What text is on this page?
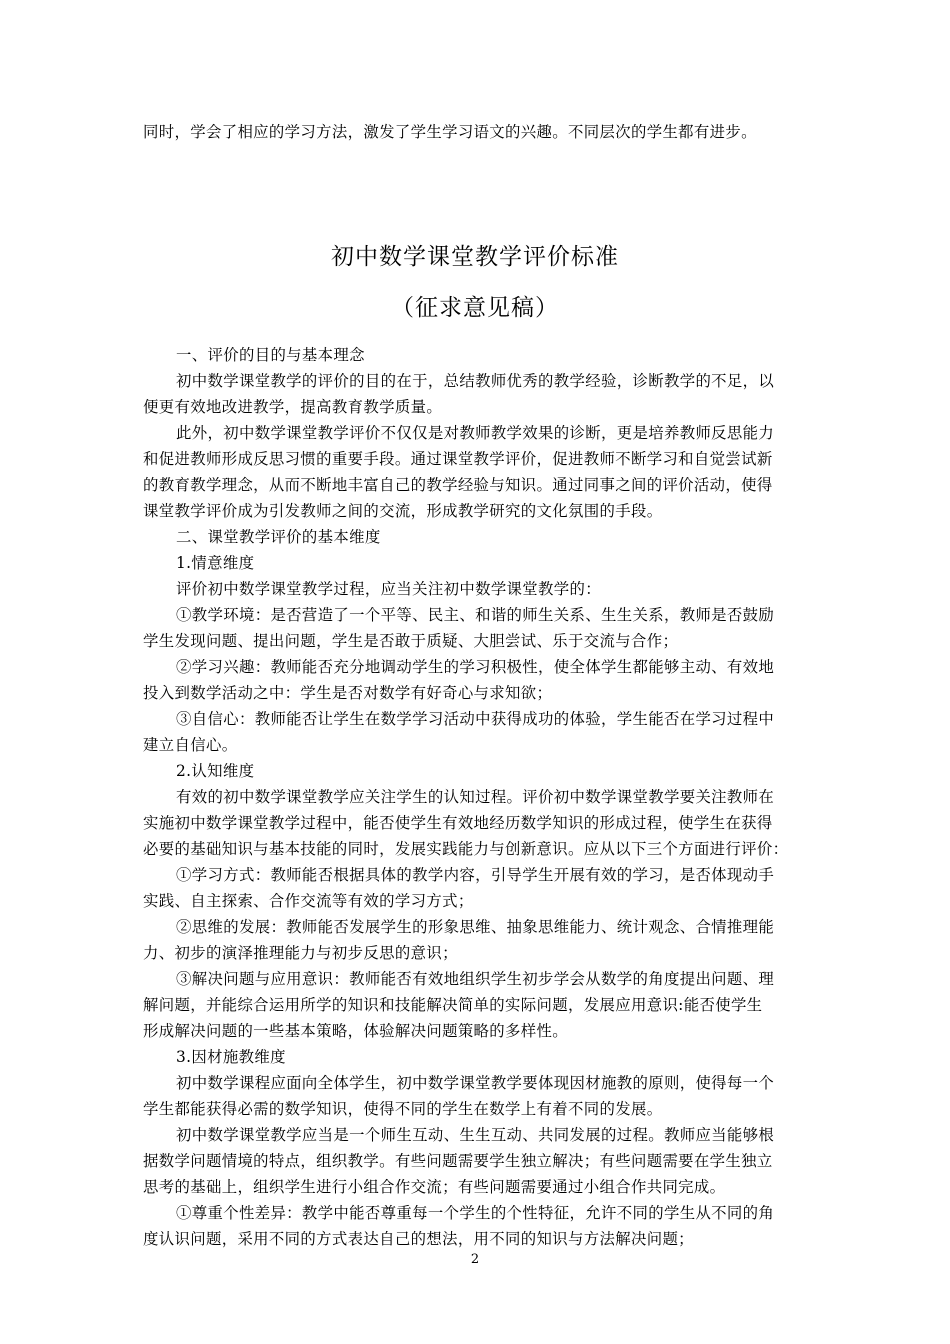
同时，学会了相应的学习方法，激发了学生学习语文的兴趣。不同层次的学生都有进步。
初中数学课堂教学评价标准
（征求意见稿）
一、评价的目的与基本理念
初中数学课堂教学的评价的目的在于，总结教师优秀的教学经验，诊断教学的不足，以
便更有效地改进教学，提高教育教学质量。
此外，初中数学课堂教学评价不仅仅是对教师教学效果的诊断，更是培养教师反思能力
和促进教师形成反思习惯的重要手段。通过课堂教学评价，促进教师不断学习和自觉尝试新
的教育教学理念，从而不断地丰富自己的教学经验与知识。通过同事之间的评价活动，使得
课堂教学评价成为引发教师之间的交流，形成教学研究的文化氛围的手段。
二、课堂教学评价的基本维度
1.情意维度
评价初中数学课堂教学过程，应当关注初中数学课堂教学的：
①教学环境：是否营造了一个平等、民主、和谐的师生关系、生生关系，教师是否鼓励
学生发现问题、提出问题，学生是否敢于质疑、大胆尝试、乐于交流与合作；
②学习兴趣：教师能否充分地调动学生的学习积极性，使全体学生都能够主动、有效地
投入到数学活动之中：学生是否对数学有好奇心与求知欲；
③自信心：教师能否让学生在数学学习活动中获得成功的体验，学生能否在学习过程中
建立自信心。
2.认知维度
有效的初中数学课堂教学应关注学生的认知过程。评价初中数学课堂教学要关注教师在
实施初中数学课堂教学过程中，能否使学生有效地经历数学知识的形成过程，使学生在获得
必要的基础知识与基本技能的同时，发展实践能力与创新意识。应从以下三个方面进行评价：
①学习方式：教师能否根据具体的教学内容，引导学生开展有效的学习，是否体现动手
实践、自主探索、合作交流等有效的学习方式；
②思维的发展：教师能否发展学生的形象思维、抽象思维能力、统计观念、合情推理能
力、初步的演泽推理能力与初步反思的意识；
③解决问题与应用意识：教师能否有效地组织学生初步学会从数学的角度提出问题、理
解问题，并能综合运用所学的知识和技能解决简单的实际问题，发展应用意识:能否使学生
形成解决问题的一些基本策略，体验解决问题策略的多样性。
3.因材施教维度
初中数学课程应面向全体学生，初中数学课堂教学要体现因材施教的原则，使得每一个
学生都能获得必需的数学知识，使得不同的学生在数学上有着不同的发展。
初中数学课堂教学应当是一个师生互动、生生互动、共同发展的过程。教师应当能够根
据数学问题情境的特点，组织教学。有些问题需要学生独立解决；有些问题需要在学生独立
思考的基础上，组织学生进行小组合作交流；有些问题需要通过小组合作共同完成。
①尊重个性差异：教学中能否尊重每一个学生的个性特征，允许不同的学生从不同的角
度认识问题，采用不同的方式表达自己的想法，用不同的知识与方法解决问题；
2
